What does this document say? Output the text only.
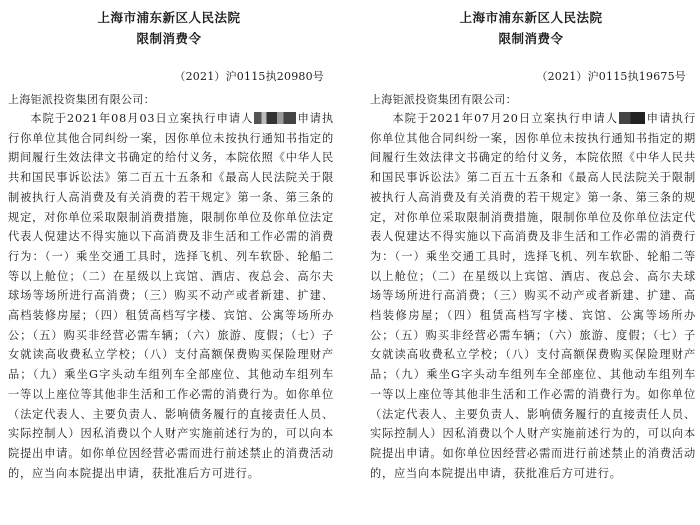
上海市浦东新区人民法院
限制消费令
（2021）沪0115执20980号
上海钜派投资集团有限公司：
本院于2021年08月03日立案执行申请人	申请执行你单位其他合同纠纷一案，因你单位未按执行通知书指定的期间履行生效法律文书确定的给付义务，本院依照《中华人民共和国民事诉讼法》第二百五十五条和《最高人民法院关于限制被执行人高消费及有关消费的若干规定》第一条、第三条的规定，对你单位采取限制消费措施，限制你单位及你单位法定代表人倪建达不得实施以下高消费及非生活和工作必需的消费行为：（一）乘坐交通工具时，选择飞机、列车软卧、轮船二等以上舱位；（二）在星级以上宾馆、酒店、夜总会、高尔夫球场等场所进行高消费；（三）购买不动产或者新建、扩建、高档装修房屋；（四）租赁高档写字楼、宾馆、公寓等场所办公；（五）购买非经营必需车辆；（六）旅游、度假；（七）子女就读高收费私立学校；（八）支付高额保费购买保险理财产品；（九）乘坐G字头动车组列车全部座位、其他动车组列车一等以上座位等其他非生活和工作必需的消费行为。如你单位（法定代表人、主要负责人、影响债务履行的直接责任人员、实际控制人）因私消费以个人财产实施前述行为的，可以向本院提出申请。如你单位因经营必需而进行前述禁止的消费活动的，应当向本院提出申请，获批准后方可进行。
上海市浦东新区人民法院
限制消费令
（2021）沪0115执19675号
上海钜派投资集团有限公司：
本院于2021年07月20日立案执行申请人	申请执行你单位其他合同纠纷一案，因你单位未按执行通知书指定的期间履行生效法律文书确定的给付义务，本院依照《中华人民共和国民事诉讼法》第二百五十五条和《最高人民法院关于限制被执行人高消费及有关消费的若干规定》第一条、第三条的规定，对你单位采取限制消费措施，限制你单位及你单位法定代表人倪建达不得实施以下高消费及非生活和工作必需的消费行为：（一）乘坐交通工具时，选择飞机、列车软卧、轮船二等以上舱位；（二）在星级以上宾馆、酒店、夜总会、高尔夫球场等场所进行高消费；（三）购买不动产或者新建、扩建、高档装修房屋；（四）租赁高档写字楼、宾馆、公寓等场所办公；（五）购买非经营必需车辆；（六）旅游、度假；（七）子女就读高收费私立学校；（八）支付高额保费购买保险理财产品；（九）乘坐G字头动车组列车全部座位、其他动车组列车一等以上座位等其他非生活和工作必需的消费行为。如你单位（法定代表人、主要负责人、影响债务履行的直接责任人员、实际控制人）因私消费以个人财产实施前述行为的，可以向本院提出申请。如你单位因经营必需而进行前述禁止的消费活动的，应当向本院提出申请，获批准后方可进行。
